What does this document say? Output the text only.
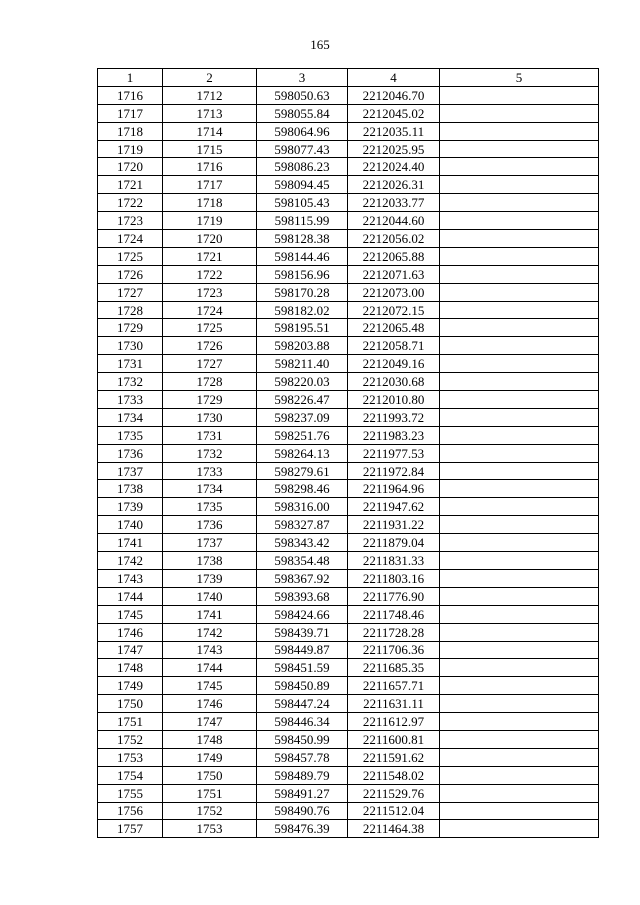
165
1	2	3	4	5
1716	1712	598050.63	2212046.70	
1717	1713	598055.84	2212045.02	
1718	1714	598064.96	2212035.11	
1719	1715	598077.43	2212025.95	
1720	1716	598086.23	2212024.40	
1721	1717	598094.45	2212026.31	
1722	1718	598105.43	2212033.77	
1723	1719	598115.99	2212044.60	
1724	1720	598128.38	2212056.02	
1725	1721	598144.46	2212065.88	
1726	1722	598156.96	2212071.63	
1727	1723	598170.28	2212073.00	
1728	1724	598182.02	2212072.15	
1729	1725	598195.51	2212065.48	
1730	1726	598203.88	2212058.71	
1731	1727	598211.40	2212049.16	
1732	1728	598220.03	2212030.68	
1733	1729	598226.47	2212010.80	
1734	1730	598237.09	2211993.72	
1735	1731	598251.76	2211983.23	
1736	1732	598264.13	2211977.53	
1737	1733	598279.61	2211972.84	
1738	1734	598298.46	2211964.96	
1739	1735	598316.00	2211947.62	
1740	1736	598327.87	2211931.22	
1741	1737	598343.42	2211879.04	
1742	1738	598354.48	2211831.33	
1743	1739	598367.92	2211803.16	
1744	1740	598393.68	2211776.90	
1745	1741	598424.66	2211748.46	
1746	1742	598439.71	2211728.28	
1747	1743	598449.87	2211706.36	
1748	1744	598451.59	2211685.35	
1749	1745	598450.89	2211657.71	
1750	1746	598447.24	2211631.11	
1751	1747	598446.34	2211612.97	
1752	1748	598450.99	2211600.81	
1753	1749	598457.78	2211591.62	
1754	1750	598489.79	2211548.02	
1755	1751	598491.27	2211529.76	
1756	1752	598490.76	2211512.04	
1757	1753	598476.39	2211464.38	
